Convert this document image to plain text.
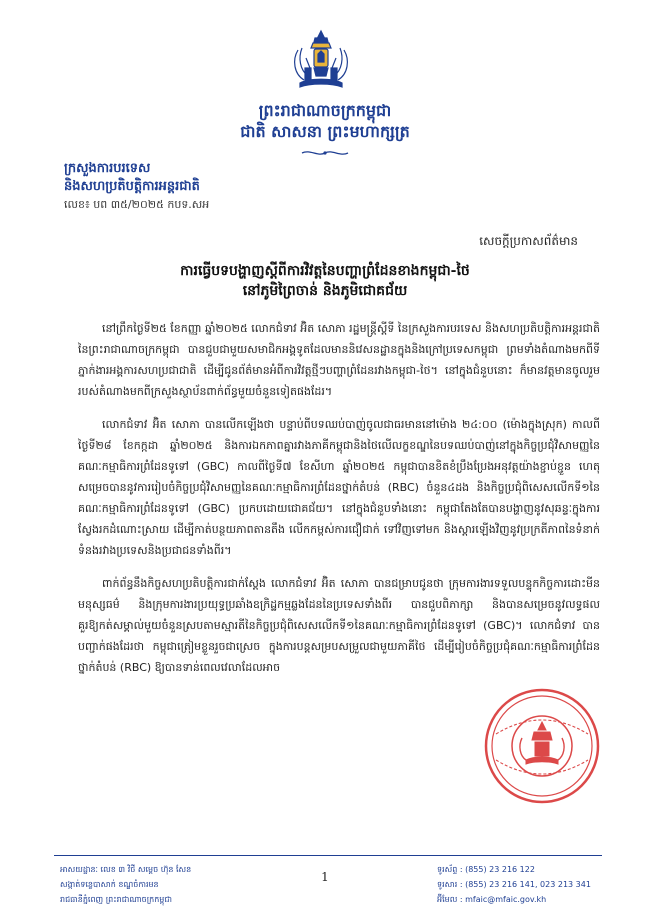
ព្រះរាជាណាចក្រកម្ពុជា
ជាតិ សាសនា ព្រះមហាក្សត្រ
ក្រសួងការបរទេស
និងសហប្រតិបត្តិការអន្តរជាតិ
លេខ៖ បព ៣៥/២០២៥ កបទ.សអ
សេចក្តីប្រកាសព័ត៌មាន
ការធ្វើបទបង្ហាញស្តីពីការវិវត្តនៃបញ្ហាព្រំដែនខាងកម្ពុជា-ថៃ
នៅភូមិព្រៃចាន់ និងភូមិជោគជ័យ

នៅព្រឹកថ្ងៃទី២៥ ខែកញ្ញា ឆ្នាំ២០២៥ លោកជំទាវ អ៊ិត សោភា រដ្ឋមន្ត្រីស្តីទី នៃក្រសួងការបរទេស និងសហប្រតិបត្តិការអន្តរជាតិ នៃព្រះរាជាណាចក្រកម្ពុជា បានជួបជាមួយសមាជិកអង្គទូតដែលមាននិវេសនដ្ឋានក្នុងនិងក្រៅប្រទេសកម្ពុជា ព្រមទាំងតំណាងមកពីទីភ្នាក់ងារអង្គការសហប្រជាជាតិ ដើម្បីជូនព័ត៌មានអំពីការវិវត្តថ្មីៗបញ្ហាព្រំដែនរវាងកម្ពុជា-ថៃ។ នៅក្នុងជំនួបនោះ ក៏មានវត្តមានចូលរួមរបស់តំណាងមកពីក្រសួងស្ថាប័នពាក់ព័ន្ធមួយចំនួនទៀតផងដែរ។

លោកជំទាវ អ៊ិត សោភា បានលើកឡើងថា បន្ទាប់ពីបទឈប់បាញ់ចូលជាធរមាននៅម៉ោង ២៤:០០ (ម៉ោងក្នុងស្រុក) កាលពីថ្ងៃទី២៨ ខែកក្កដា ឆ្នាំ២០២៥ និងការឯកភាពគ្នារវាងភាគីកម្ពុជានិងថៃលើលក្ខខណ្ឌនៃបទឈប់បាញ់នៅក្នុងកិច្ចប្រជុំវិសាមញ្ញនៃគណៈកម្មាធិការព្រំដែនទូទៅ (GBC) កាលពីថ្ងៃទី៧ ខែសីហា ឆ្នាំ២០២៥ កម្ពុជាបានខិតខំប្រឹងប្រែងអនុវត្តយ៉ាងខ្ជាប់ខ្ជួន ហេតុសម្រេចបាននូវការរៀបចំកិច្ចប្រជុំវិសាមញ្ញនៃគណៈកម្មាធិការព្រំដែនថ្នាក់តំបន់ (RBC) ចំនួន៤ដង និងកិច្ចប្រជុំពិសេសលើកទី១នៃគណៈកម្មាធិការព្រំដែនទូទៅ (GBC) ប្រកបដោយជោគជ័យ។ នៅក្នុងជំនួបទាំងនោះ កម្ពុជាតែងតែបានបង្ហាញនូវសុឆន្ទៈក្នុងការស្វែងរកដំណោះស្រាយ ដើម្បីកាត់បន្ថយភាពតានតឹង លើកកម្ពស់ការជឿជាក់ ទៅវិញទៅមក និងស្តារឡើងវិញនូវប្រក្រតីភាពនៃទំនាក់ទំនងរវាងប្រទេសនិងប្រជាជនទាំងពីរ។

ពាក់ព័ន្ធនឹងកិច្ចសហប្រតិបត្តិការជាក់ស្តែង លោកជំទាវ អ៊ិត សោភា បានជម្រាបជូនថា ក្រុមការងារទទួលបន្ទុកកិច្ចការដោះមីនមនុស្សធម៌ និងក្រុមការងារប្រយុទ្ធប្រឆាំងឧក្រិដ្ឋកម្មឆ្លងដែននៃប្រទេសទាំងពីរ បានជួបពិភាក្សា និងបានសម្រេចនូវលទ្ធផលគួរឱ្យកត់សម្គាល់មួយចំនួនស្របតាមស្មារតីនៃកិច្ចប្រជុំពិសេសលើកទី១នៃគណៈកម្មាធិការព្រំដែនទូទៅ (GBC)។ លោកជំទាវ បានបញ្ជាក់ផងដែរថា កម្ពុជាត្រៀមខ្លួនរួចជាស្រេច ក្នុងការបន្តសម្របសម្រួលជាមួយភាគីថៃ ដើម្បីរៀបចំកិច្ចប្រជុំគណៈកម្មាធិការព្រំដែនថ្នាក់តំបន់ (RBC) ឱ្យបានទាន់ពេលវេលាដែលអាច

អាសយដ្ឋានៈ លេខ ៣ វិថី សម្តេច ហ៊ុន សែន
សង្កាត់ទន្លេបាសាក់ ខណ្ឌចំការមន
រាជធានីភ្នំពេញ ព្រះរាជាណាចក្រកម្ពុជា
1
ទូរស័ព្ទ : (855) 23 216 122
ទូរសារ : (855) 23 216 141, 023 213 341
អ៊ីមែល : mfaic@mfaic.gov.kh
